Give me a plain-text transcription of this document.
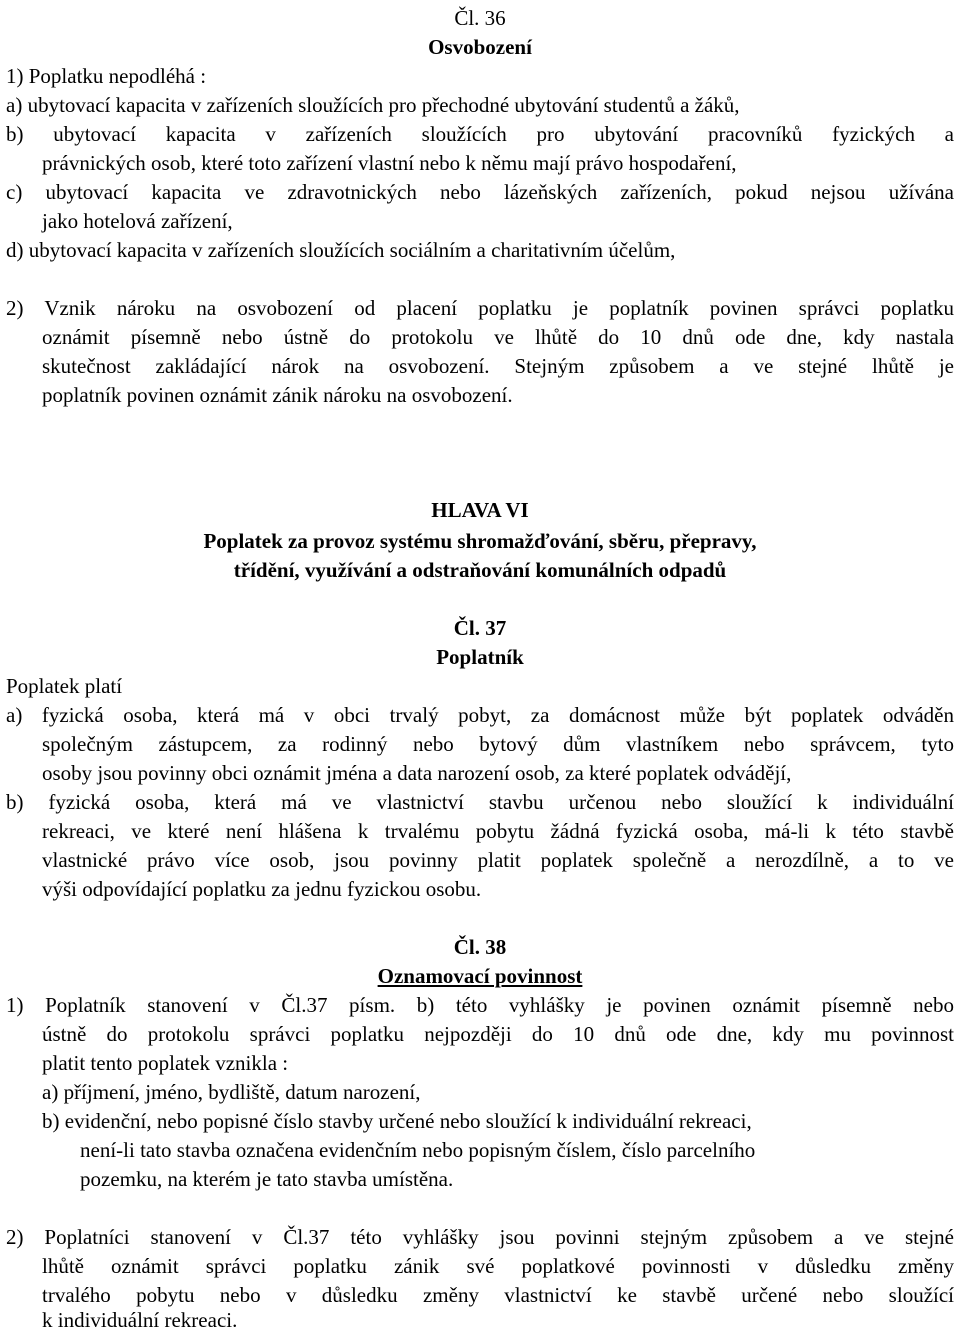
Čl. 36
Osvobození
1) Poplatku nepodléhá :
a) ubytovací kapacita v zařízeních sloužících pro přechodné ubytování studentů a žáků,
b) ubytovací kapacita v zařízeních sloužících pro ubytování pracovníků fyzických a
právnických osob, které toto zařízení vlastní nebo k němu mají právo hospodaření,
c) ubytovací kapacita ve zdravotnických nebo lázeňských zařízeních, pokud nejsou užívána
jako hotelová zařízení,
d) ubytovací kapacita v zařízeních sloužících sociálním a charitativním účelům,
2) Vznik nároku na osvobození od placení poplatku je poplatník povinen správci poplatku
oznámit písemně nebo ústně do protokolu ve lhůtě do 10 dnů ode dne, kdy nastala
skutečnost zakládající nárok na osvobození. Stejným způsobem a ve stejné lhůtě je
poplatník povinen oznámit zánik nároku na osvobození.
HLAVA VI
Poplatek za provoz systému shromažďování, sběru, přepravy,
třídění, využívání a odstraňování komunálních odpadů
Čl. 37
Poplatník
Poplatek platí
a) fyzická osoba, která má v obci trvalý pobyt, za domácnost může být poplatek odváděn
společným zástupcem, za rodinný nebo bytový dům vlastníkem nebo správcem, tyto
osoby jsou povinny obci oznámit jména a data narození osob, za které poplatek odvádějí,
b) fyzická osoba, která má ve vlastnictví stavbu určenou nebo sloužící k individuální
rekreaci, ve které není hlášena k trvalému pobytu žádná fyzická osoba, má-li k této stavbě
vlastnické právo více osob, jsou povinny platit poplatek společně a nerozdílně, a to ve
výši odpovídající poplatku za jednu fyzickou osobu.
Čl. 38
Oznamovací povinnost
1) Poplatník stanovení v Čl.37 písm. b) této vyhlášky je povinen oznámit písemně nebo
ústně do protokolu správci poplatku nejpozději do 10 dnů ode dne, kdy mu povinnost
platit tento poplatek vznikla :
a) příjmení, jméno, bydliště, datum narození,
b) evidenční, nebo popisné číslo stavby určené nebo sloužící k individuální rekreaci,
není-li tato stavba označena evidenčním nebo popisným číslem, číslo parcelního
pozemku, na kterém je tato stavba umístěna.
2) Poplatníci stanovení v Čl.37 této vyhlášky jsou povinni stejným způsobem a ve stejné
lhůtě oznámit správci poplatku zánik své poplatkové povinnosti v důsledku změny
trvalého pobytu nebo v důsledku změny vlastnictví ke stavbě určené nebo sloužící
k individuální rekreaci.
